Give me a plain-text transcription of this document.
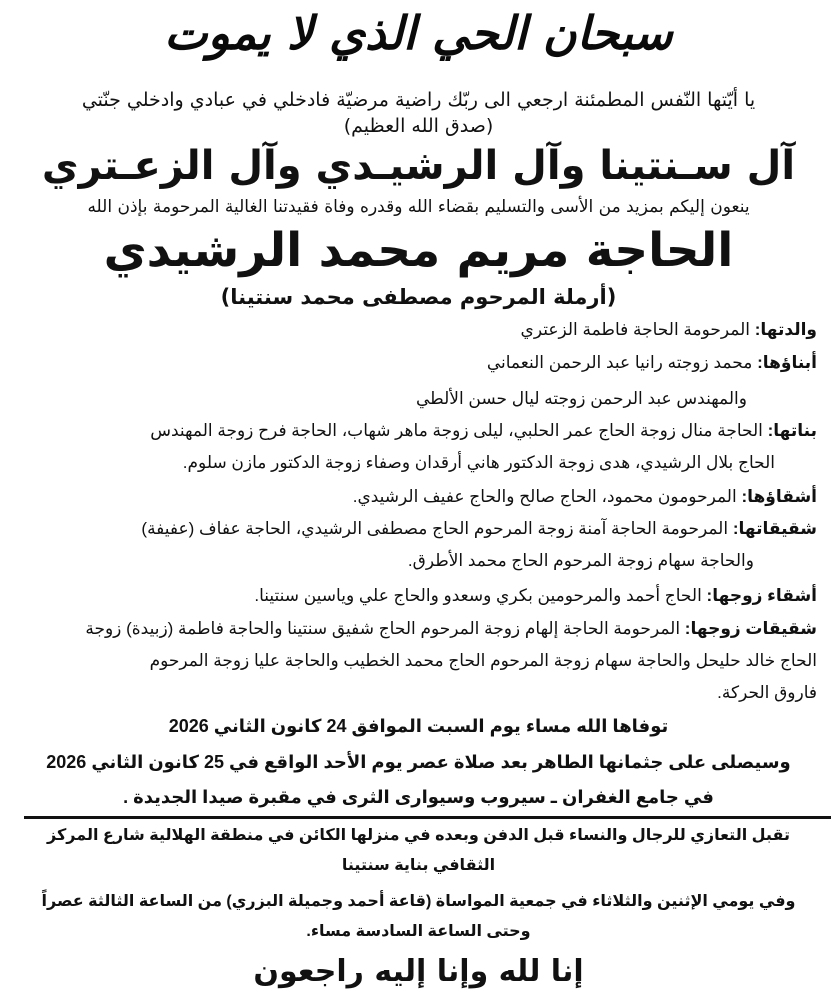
سبحان الحي الذي لا يموت
يا أيّتها النّفس المطمئنة ارجعي الى ربّك راضية مرضيّة فادخلي في عبادي وادخلي جنّتي
(صدق الله العظيم)
آل سـنتينا وآل الرشيـدي وآل الزعـتري
ينعون إليكم بمزيد من الأسى والتسليم بقضاء الله وقدره وفاة فقيدتنا الغالية المرحومة بإذن الله
الحاجة مريم محمد الرشيدي
(أرملة المرحوم مصطفى محمد سنتينا)
والدتها: المرحومة الحاجة فاطمة الزعتري
أبناؤها: محمد زوجته رانيا عبد الرحمن النعماني
والمهندس عبد الرحمن زوجته ليال حسن الألطي
بناتها: الحاجة منال زوجة الحاج عمر الحلبي، ليلى زوجة ماهر شهاب، الحاجة فرح زوجة المهندس
الحاج بلال الرشيدي، هدى زوجة الدكتور هاني أرقدان وصفاء زوجة الدكتور مازن سلوم.
أشقاؤها: المرحومون محمود، الحاج صالح والحاج عفيف الرشيدي.
شقيقاتها: المرحومة الحاجة آمنة زوجة المرحوم الحاج مصطفى الرشيدي، الحاجة عفاف (عفيفة)
والحاجة سهام زوجة المرحوم الحاج محمد الأطرق.
أشقاء زوجها: الحاج أحمد والمرحومين بكري وسعدو والحاج علي وياسين سنتينا.
شقيقات زوجها: المرحومة الحاجة إلهام زوجة المرحوم الحاج شفيق سنتينا والحاجة فاطمة (زبيدة) زوجة
الحاج خالد حليحل والحاجة سهام زوجة المرحوم الحاج محمد الخطيب والحاجة عليا زوجة المرحوم
فاروق الحركة.
توفاها الله مساء يوم السبت الموافق 24 كانون الثاني 2026
وسيصلى على جثمانها الطاهر بعد صلاة عصر يوم الأحد الواقع في 25 كانون الثاني 2026
في جامع الغفران ـ سيروب وسيوارى الثرى في مقبرة صيدا الجديدة .
تقبل التعازي للرجال والنساء قبل الدفن وبعده في منزلها الكائن في منطقة الهلالية شارع المركز
الثقافي بناية سنتينا
وفي يومي الإثنين والثلاثاء في جمعية المواساة (قاعة أحمد وجميلة البزري) من الساعة الثالثة عصراً
وحتى الساعة السادسة مساء.
إنا لله وإنا إليه راجعون
